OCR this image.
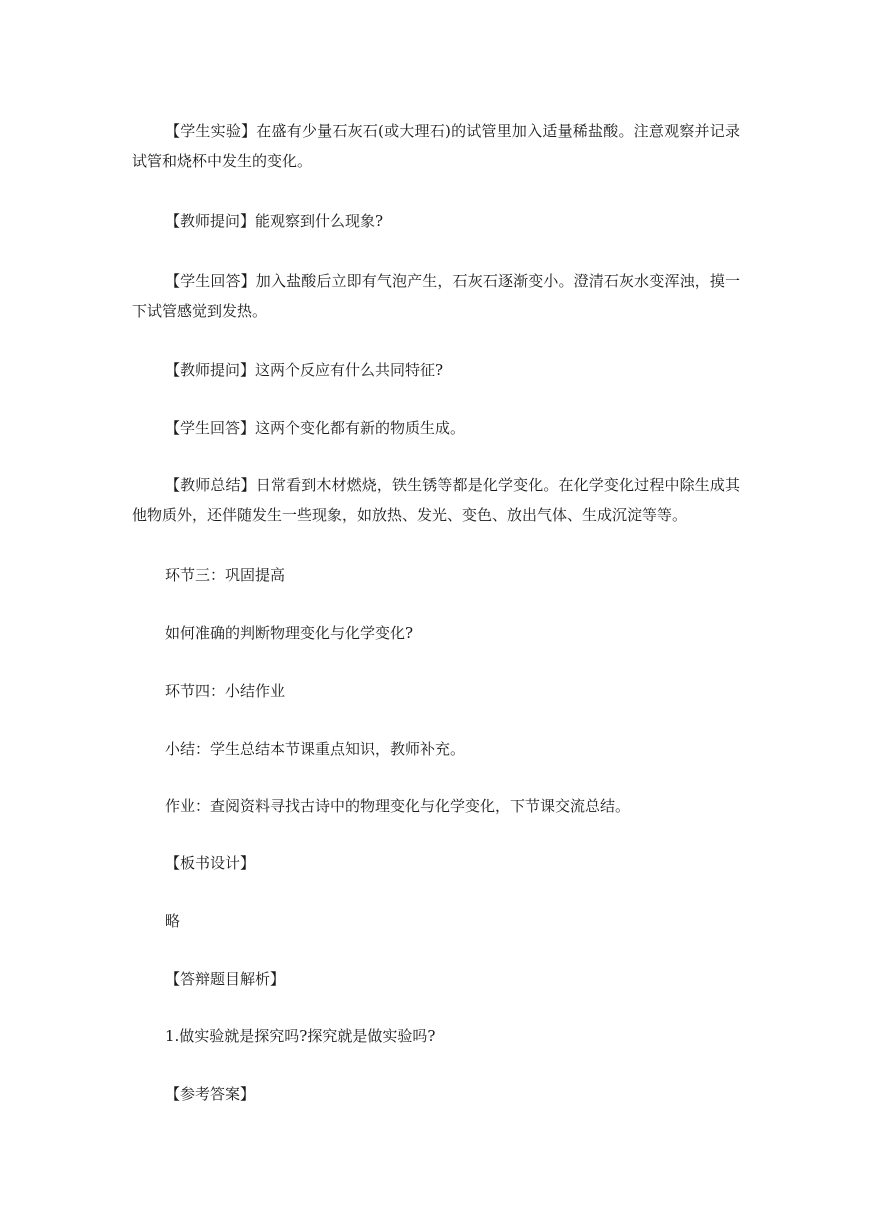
【学生实验】在盛有少量石灰石(或大理石)的试管里加入适量稀盐酸。注意观察并记录试管和烧杯中发生的变化。

【教师提问】能观察到什么现象?

【学生回答】加入盐酸后立即有气泡产生，石灰石逐渐变小。澄清石灰水变浑浊，摸一下试管感觉到发热。

【教师提问】这两个反应有什么共同特征?

【学生回答】这两个变化都有新的物质生成。

【教师总结】日常看到木材燃烧，铁生锈等都是化学变化。在化学变化过程中除生成其他物质外，还伴随发生一些现象，如放热、发光、变色、放出气体、生成沉淀等等。

环节三：巩固提高

如何准确的判断物理变化与化学变化?

环节四：小结作业

小结：学生总结本节课重点知识，教师补充。

作业：查阅资料寻找古诗中的物理变化与化学变化，下节课交流总结。

【板书设计】

略

【答辩题目解析】

1.做实验就是探究吗?探究就是做实验吗?

【参考答案】
